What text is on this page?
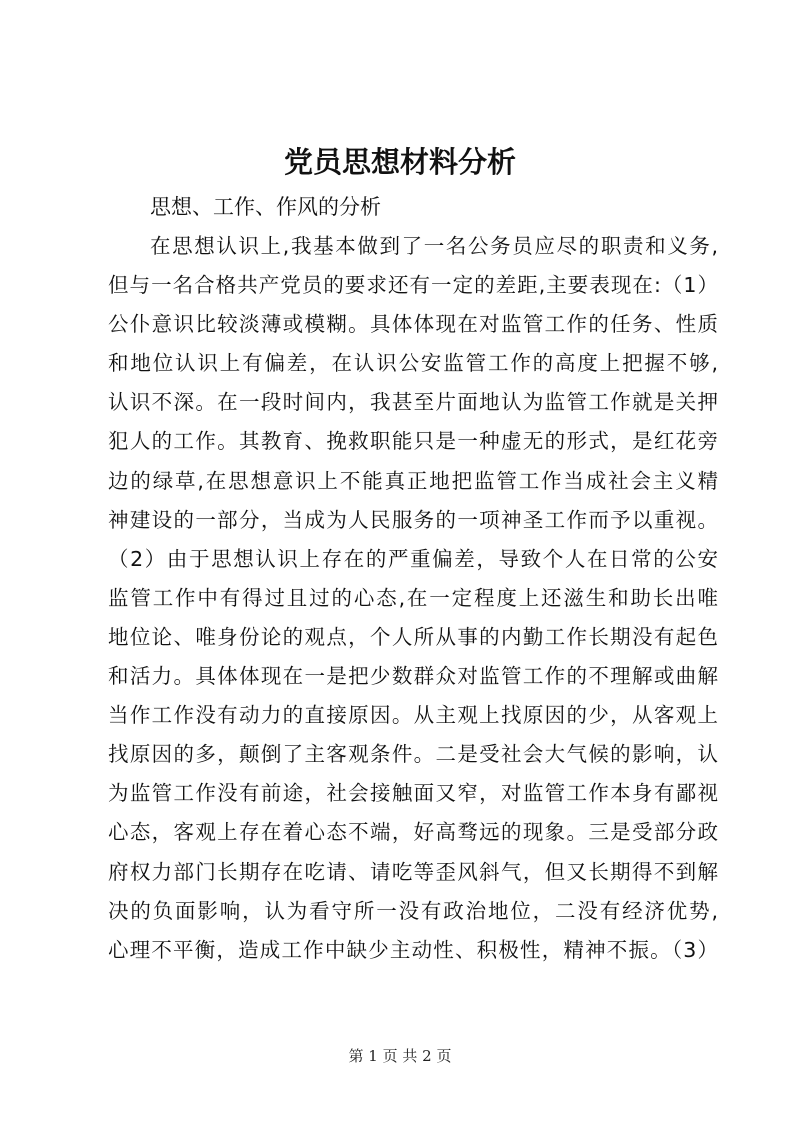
党员思想材料分析

思想、工作、作风的分析

在思想认识上,我基本做到了一名公务员应尽的职责和义务,
但与一名合格共产党员的要求还有一定的差距,主要表现在:（1）
公仆意识比较淡薄或模糊。具体体现在对监管工作的任务、性质
和地位认识上有偏差，在认识公安监管工作的高度上把握不够,
认识不深。在一段时间内，我甚至片面地认为监管工作就是关押
犯人的工作。其教育、挽救职能只是一种虚无的形式，是红花旁
边的绿草,在思想意识上不能真正地把监管工作当成社会主义精
神建设的一部分，当成为人民服务的一项神圣工作而予以重视。
（2）由于思想认识上存在的严重偏差，导致个人在日常的公安
监管工作中有得过且过的心态,在一定程度上还滋生和助长出唯
地位论、唯身份论的观点，个人所从事的内勤工作长期没有起色
和活力。具体体现在一是把少数群众对监管工作的不理解或曲解
当作工作没有动力的直接原因。从主观上找原因的少，从客观上
找原因的多，颠倒了主客观条件。二是受社会大气候的影响，认
为监管工作没有前途，社会接触面又窄，对监管工作本身有鄙视
心态，客观上存在着心态不端，好高骛远的现象。三是受部分政
府权力部门长期存在吃请、请吃等歪风斜气，但又长期得不到解
决的负面影响，认为看守所一没有政治地位，二没有经济优势,
心理不平衡，造成工作中缺少主动性、积极性，精神不振。（3）

第 1 页 共 2 页
